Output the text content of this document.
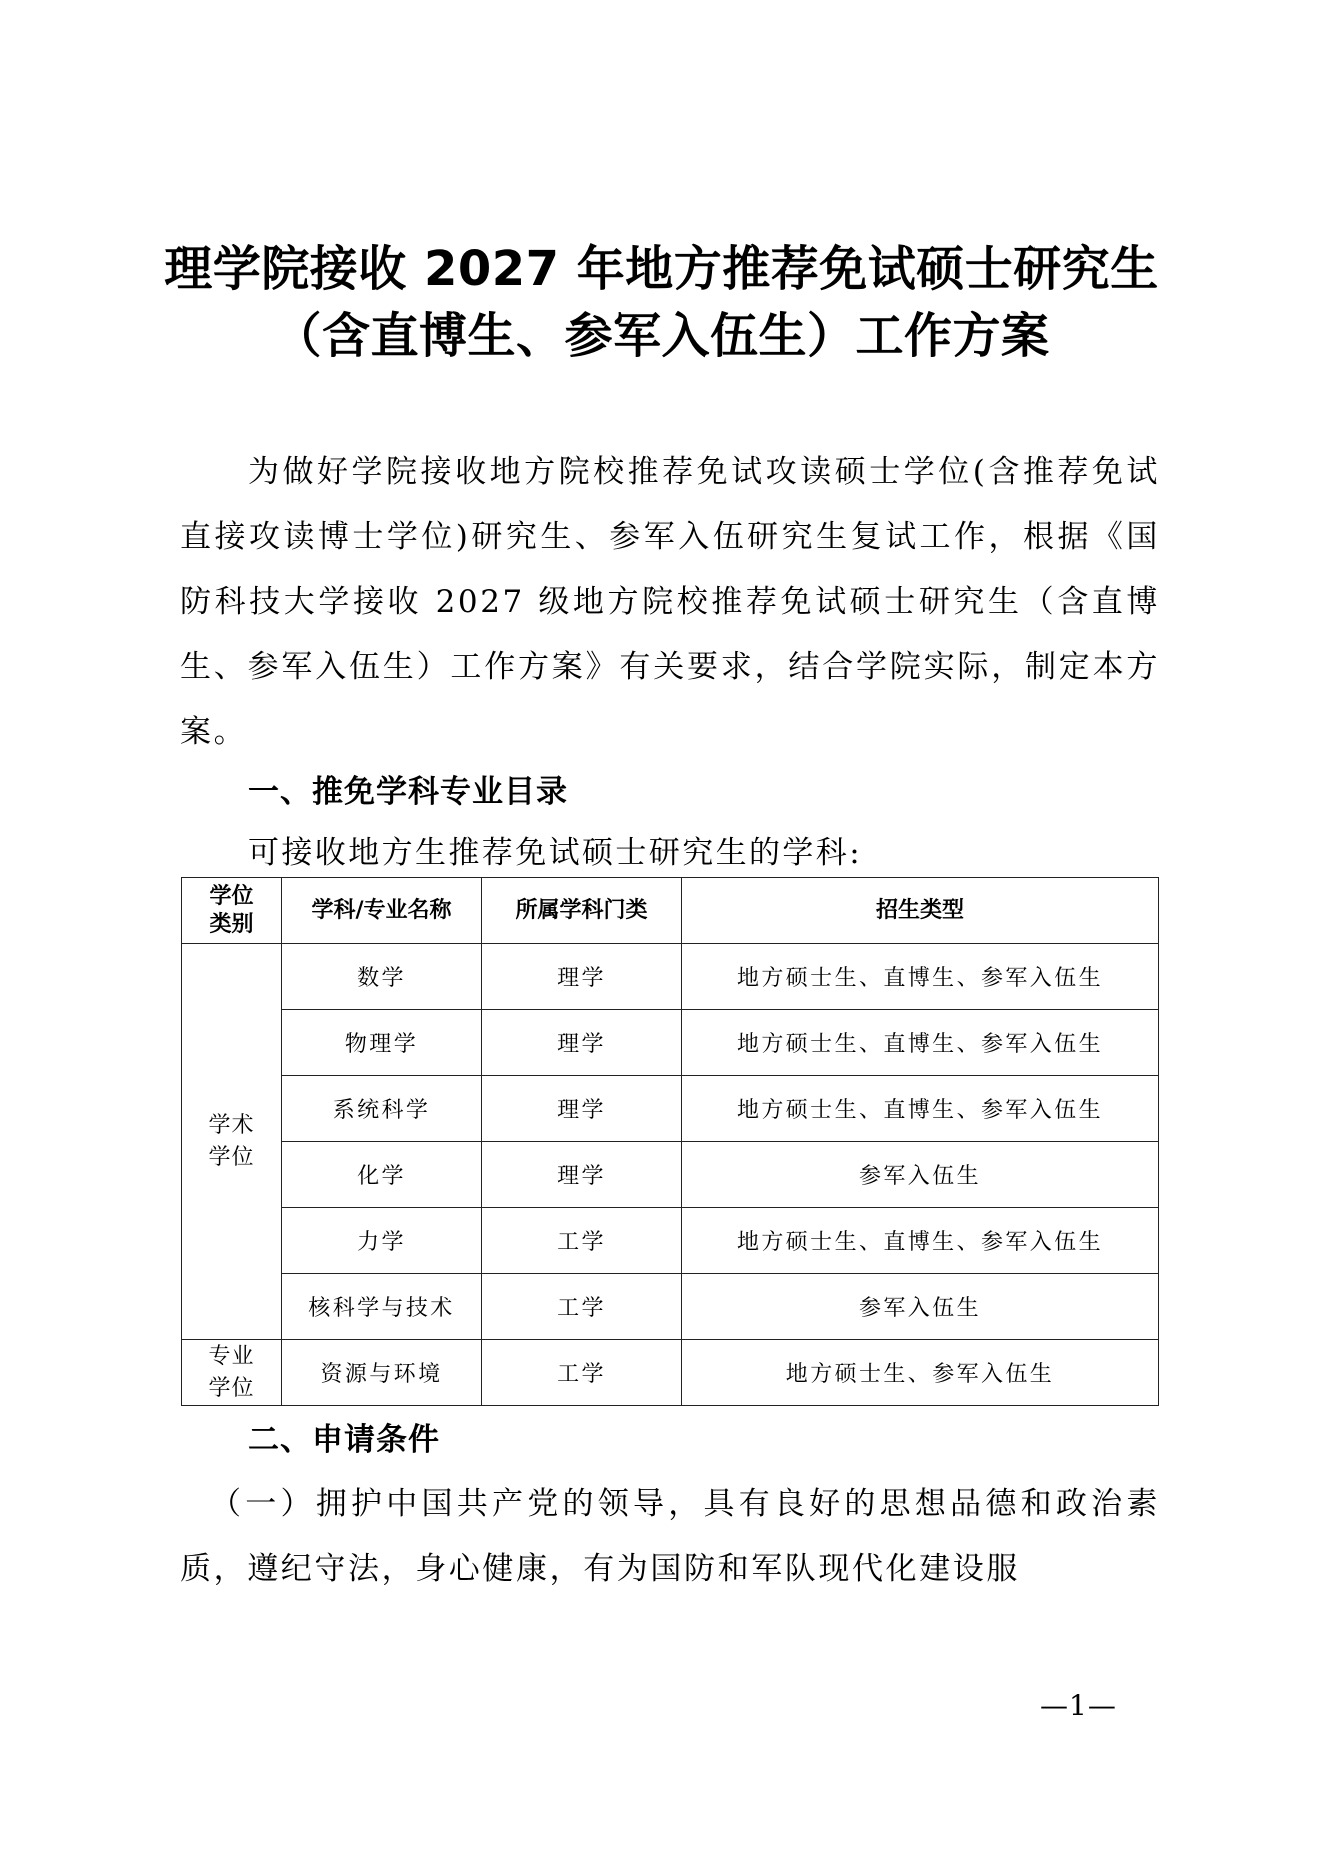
理学院接收 2027 年地方推荐免试硕士研究生
（含直博生、参军入伍生）工作方案
为做好学院接收地方院校推荐免试攻读硕士学位(含推荐免试直接攻读博士学位)研究生、参军入伍研究生复试工作，根据《国防科技大学接收 2027 级地方院校推荐免试硕士研究生（含直博生、参军入伍生）工作方案》有关要求，结合学院实际，制定本方案。
一、推免学科专业目录
可接收地方生推荐免试硕士研究生的学科:
学位
类别	学科/专业名称	所属学科门类	招生类型
学术
学位	数学	理学	地方硕士生、直博生、参军入伍生
	物理学	理学	地方硕士生、直博生、参军入伍生
	系统科学	理学	地方硕士生、直博生、参军入伍生
	化学	理学	参军入伍生
	力学	工学	地方硕士生、直博生、参军入伍生
	核科学与技术	工学	参军入伍生
专业
学位	资源与环境	工学	地方硕士生、参军入伍生
二、申请条件
（一）拥护中国共产党的领导，具有良好的思想品德和政治素质，遵纪守法，身心健康，有为国防和军队现代化建设服
—1—
